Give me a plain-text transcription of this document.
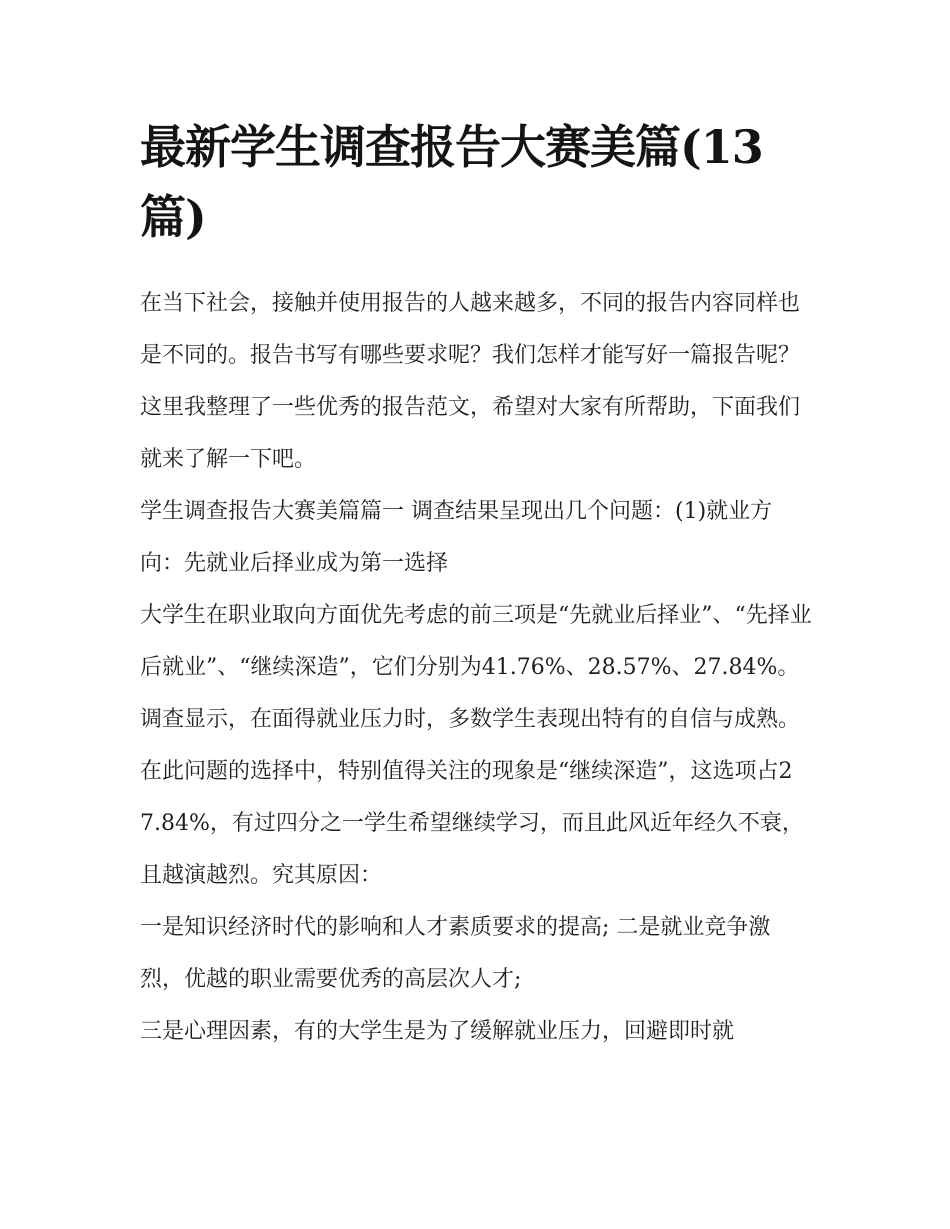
最新学生调查报告大赛美篇(13篇)

在当下社会，接触并使用报告的人越来越多，不同的报告内容同样也是不同的。报告书写有哪些要求呢？我们怎样才能写好一篇报告呢？这里我整理了一些优秀的报告范文，希望对大家有所帮助，下面我们就来了解一下吧。

学生调查报告大赛美篇篇一 调查结果呈现出几个问题：(1)就业方向：先就业后择业成为第一选择

大学生在职业取向方面优先考虑的前三项是“先就业后择业”、“先择业后就业”、“继续深造”，它们分别为41.76%、28.57%、27.84%。调查显示，在面得就业压力时，多数学生表现出特有的自信与成熟。

在此问题的选择中，特别值得关注的现象是“继续深造”，这选项占27.84%，有过四分之一学生希望继续学习，而且此风近年经久不衰，且越演越烈。究其原因：

一是知识经济时代的影响和人才素质要求的提高; 二是就业竞争激烈，优越的职业需要优秀的高层次人才;

三是心理因素，有的大学生是为了缓解就业压力，回避即时就
